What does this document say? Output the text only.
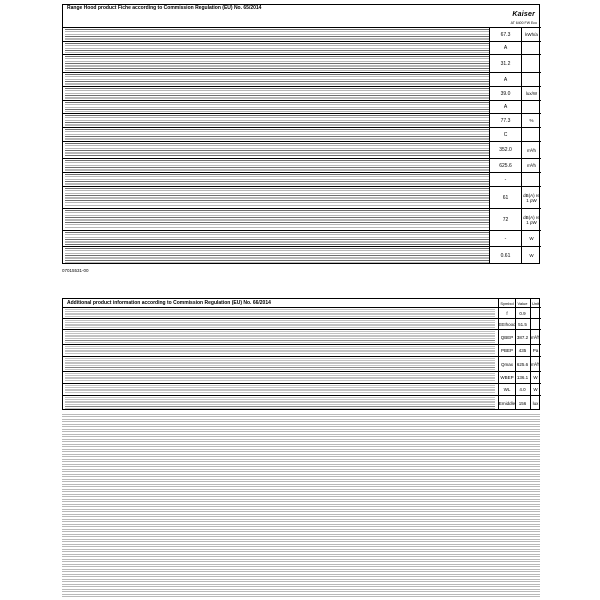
Range Hood product Fiche according to Commission Regulation (EU) No. 65/2014
Kaiser
AT 6400 FW Eco
67.3	kWh/a
A
31.2
A
39.0	lux/W
A
77.3	%
C
352.0	m³/h
625.6	m³/h
-
61	dB(A) re 1 pW
72	dB(A) re 1 pW
-	W
0.61	W
07015531-00
Additional product information according to Commission Regulation (EU) No. 66/2014	Symbol Value	Unit
f	0.9
EEIhood 51.5
QBEP 387.2 m³/h
PBEP	435	Pa
Qmax 625.6 m³/h
WBEP 136.1	W
WL	4.0	W
Emiddle 156	lux
